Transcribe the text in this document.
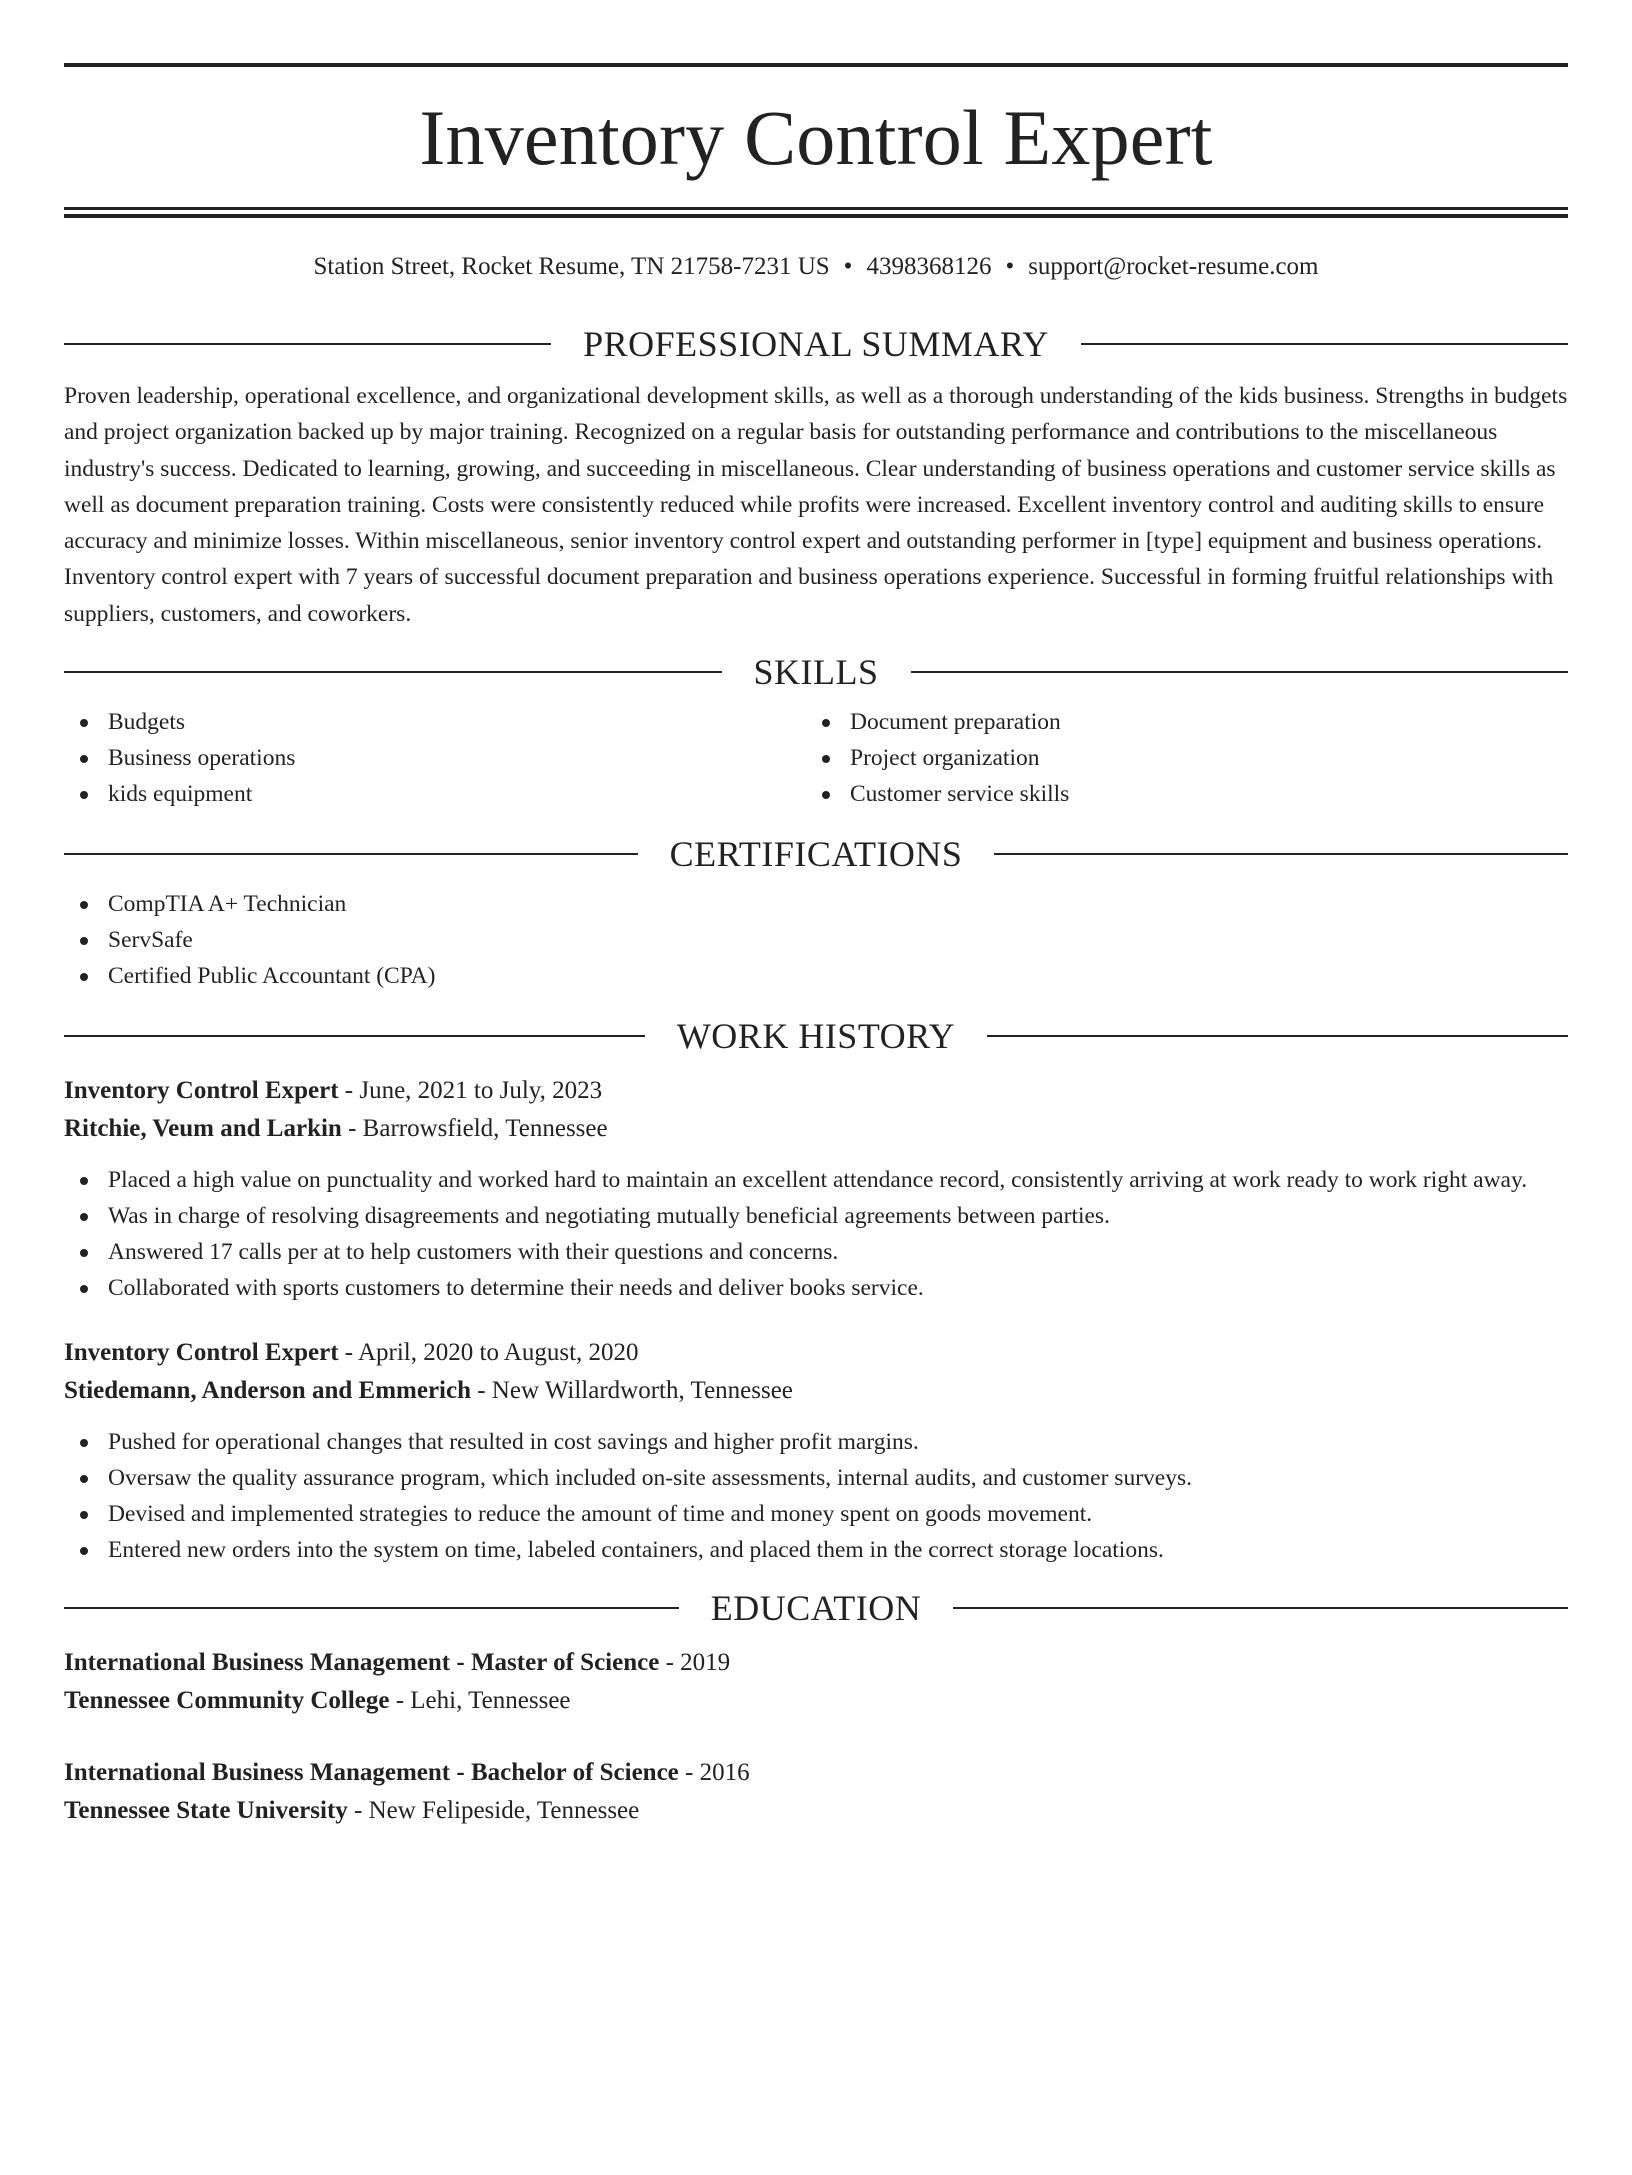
Inventory Control Expert
Station Street, Rocket Resume, TN 21758-7231 US • 4398368126 • support@rocket-resume.com
PROFESSIONAL SUMMARY
Proven leadership, operational excellence, and organizational development skills, as well as a thorough understanding of the kids business. Strengths in budgets and project organization backed up by major training. Recognized on a regular basis for outstanding performance and contributions to the miscellaneous industry's success. Dedicated to learning, growing, and succeeding in miscellaneous. Clear understanding of business operations and customer service skills as well as document preparation training. Costs were consistently reduced while profits were increased. Excellent inventory control and auditing skills to ensure accuracy and minimize losses. Within miscellaneous, senior inventory control expert and outstanding performer in [type] equipment and business operations. Inventory control expert with 7 years of successful document preparation and business operations experience. Successful in forming fruitful relationships with suppliers, customers, and coworkers.
SKILLS
Budgets
Business operations
kids equipment
Document preparation
Project organization
Customer service skills
CERTIFICATIONS
CompTIA A+ Technician
ServSafe
Certified Public Accountant (CPA)
WORK HISTORY
Inventory Control Expert - June, 2021 to July, 2023
Ritchie, Veum and Larkin - Barrowsfield, Tennessee
Placed a high value on punctuality and worked hard to maintain an excellent attendance record, consistently arriving at work ready to work right away.
Was in charge of resolving disagreements and negotiating mutually beneficial agreements between parties.
Answered 17 calls per at to help customers with their questions and concerns.
Collaborated with sports customers to determine their needs and deliver books service.
Inventory Control Expert - April, 2020 to August, 2020
Stiedemann, Anderson and Emmerich - New Willardworth, Tennessee
Pushed for operational changes that resulted in cost savings and higher profit margins.
Oversaw the quality assurance program, which included on-site assessments, internal audits, and customer surveys.
Devised and implemented strategies to reduce the amount of time and money spent on goods movement.
Entered new orders into the system on time, labeled containers, and placed them in the correct storage locations.
EDUCATION
International Business Management - Master of Science - 2019
Tennessee Community College - Lehi, Tennessee
International Business Management - Bachelor of Science - 2016
Tennessee State University - New Felipeside, Tennessee
